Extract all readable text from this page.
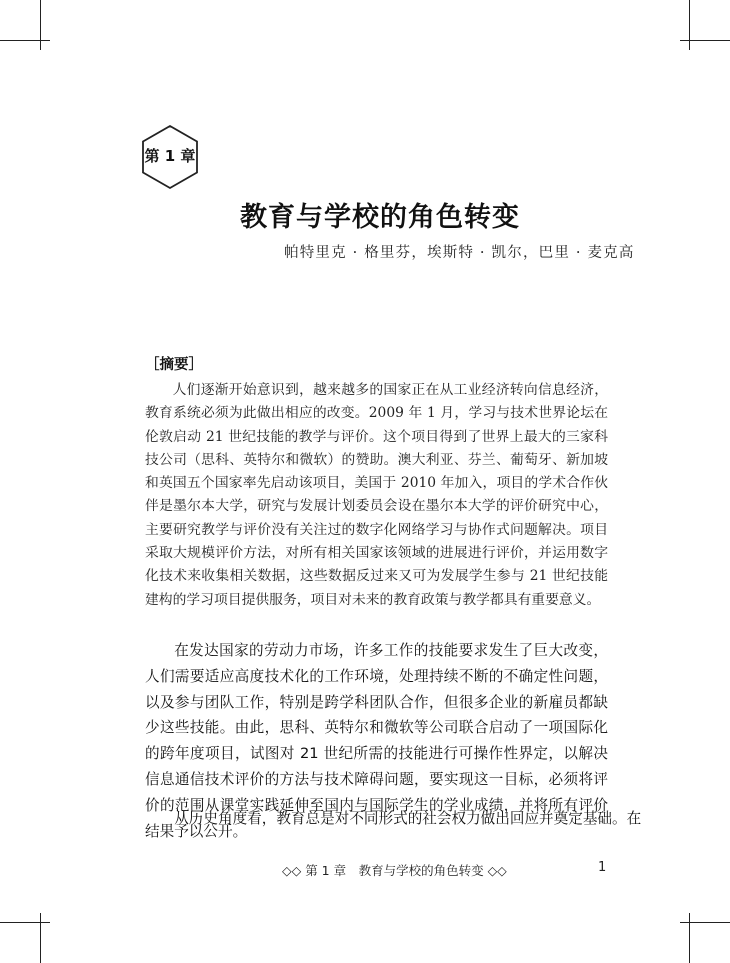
第 1 章
教育与学校的角色转变
帕特里克 · 格里芬，埃斯特 · 凯尔，巴里 · 麦克高
［摘要］

人们逐渐开始意识到，越来越多的国家正在从工业经济转向信息经济，教育系统必须为此做出相应的改变。2009 年 1 月，学习与技术世界论坛在伦敦启动 21 世纪技能的教学与评价。这个项目得到了世界上最大的三家科技公司（思科、英特尔和微软）的赞助。澳大利亚、芬兰、葡萄牙、新加坡和英国五个国家率先启动该项目，美国于 2010 年加入，项目的学术合作伙伴是墨尔本大学，研究与发展计划委员会设在墨尔本大学的评价研究中心，主要研究教学与评价没有关注过的数字化网络学习与协作式问题解决。项目采取大规模评价方法，对所有相关国家该领域的进展进行评价，并运用数字化技术来收集相关数据，这些数据反过来又可为发展学生参与 21 世纪技能建构的学习项目提供服务，项目对未来的教育政策与教学都具有重要意义。

在发达国家的劳动力市场，许多工作的技能要求发生了巨大改变，人们需要适应高度技术化的工作环境，处理持续不断的不确定性问题，以及参与团队工作，特别是跨学科团队合作，但很多企业的新雇员都缺少这些技能。由此，思科、英特尔和微软等公司联合启动了一项国际化的跨年度项目，试图对 21 世纪所需的技能进行可操作性界定，以解决信息通信技术评价的方法与技术障碍问题，要实现这一目标，必须将评价的范围从课堂实践延伸至国内与国际学生的学业成绩，并将所有评价结果予以公开。

从历史角度看，教育总是对不同形式的社会权力做出回应并奠定基础。在

◇◇ 第 1 章　教育与学校的角色转变 ◇◇	1
